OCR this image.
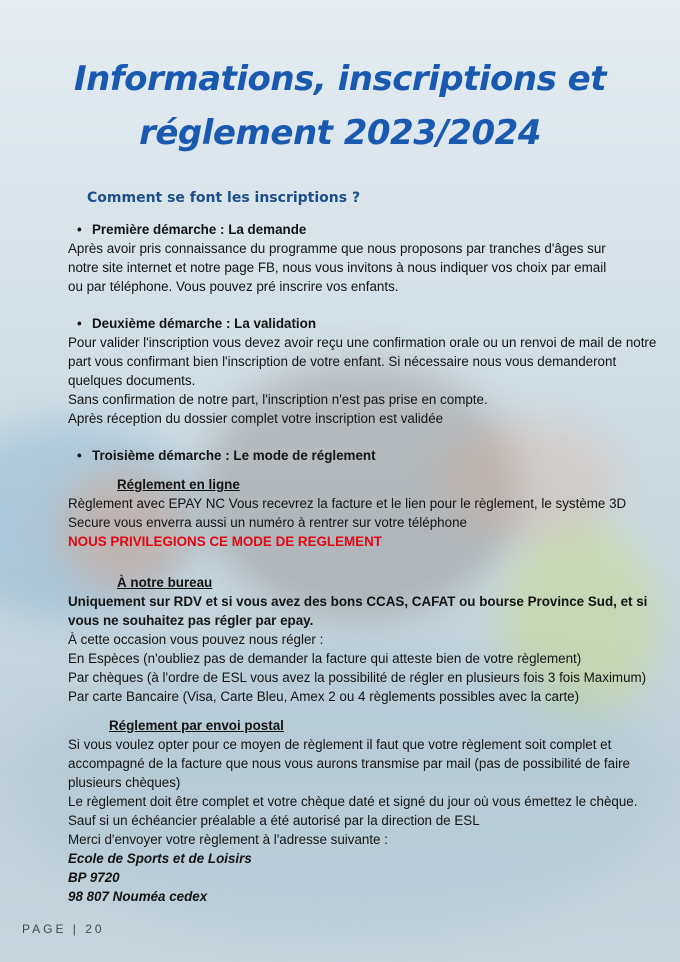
Informations, inscriptions et
réglement 2023/2024
Comment se font les inscriptions ?
• Première démarche : La demande
Après avoir pris connaissance du programme que nous proposons par tranches d'âges sur
notre site internet et notre page FB, nous vous invitons à nous indiquer vos choix par email
ou par téléphone. Vous pouvez pré inscrire vos enfants.
• Deuxième démarche : La validation
Pour valider l'inscription vous devez avoir reçu une confirmation orale ou un renvoi de mail de notre
part vous confirmant bien l'inscription de votre enfant. Si nécessaire nous vous demanderont
quelques documents.
Sans confirmation de notre part, l'inscription n'est pas prise en compte.
Après réception du dossier complet votre inscription est validée
• Troisième démarche : Le mode de réglement
Réglement en ligne
Règlement avec EPAY NC Vous recevrez la facture et le lien pour le règlement, le système 3D
Secure vous enverra aussi un numéro à rentrer sur votre téléphone
NOUS PRIVILEGIONS CE MODE DE REGLEMENT
À notre bureau
Uniquement sur RDV et si vous avez des bons CCAS, CAFAT ou bourse Province Sud, et si
vous ne souhaitez pas régler par epay.
À cette occasion vous pouvez nous régler :
En Espèces (n'oubliez pas de demander la facture qui atteste bien de votre règlement)
Par chèques (à l'ordre de ESL vous avez la possibilité de régler en plusieurs fois 3 fois Maximum)
Par carte Bancaire (Visa, Carte Bleu, Amex 2 ou 4 règlements possibles avec la carte)
Réglement par envoi postal
Si vous voulez opter pour ce moyen de règlement il faut que votre règlement soit complet et
accompagné de la facture que nous vous aurons transmise par mail (pas de possibilité de faire
plusieurs chèques)
Le règlement doit être complet et votre chèque daté et signé du jour où vous émettez le chèque.
Sauf si un échéancier préalable a été autorisé par la direction de ESL
Merci d'envoyer votre règlement à l'adresse suivante :
Ecole de Sports et de Loisirs
BP 9720
98 807 Nouméa cedex
PAGE | 20
